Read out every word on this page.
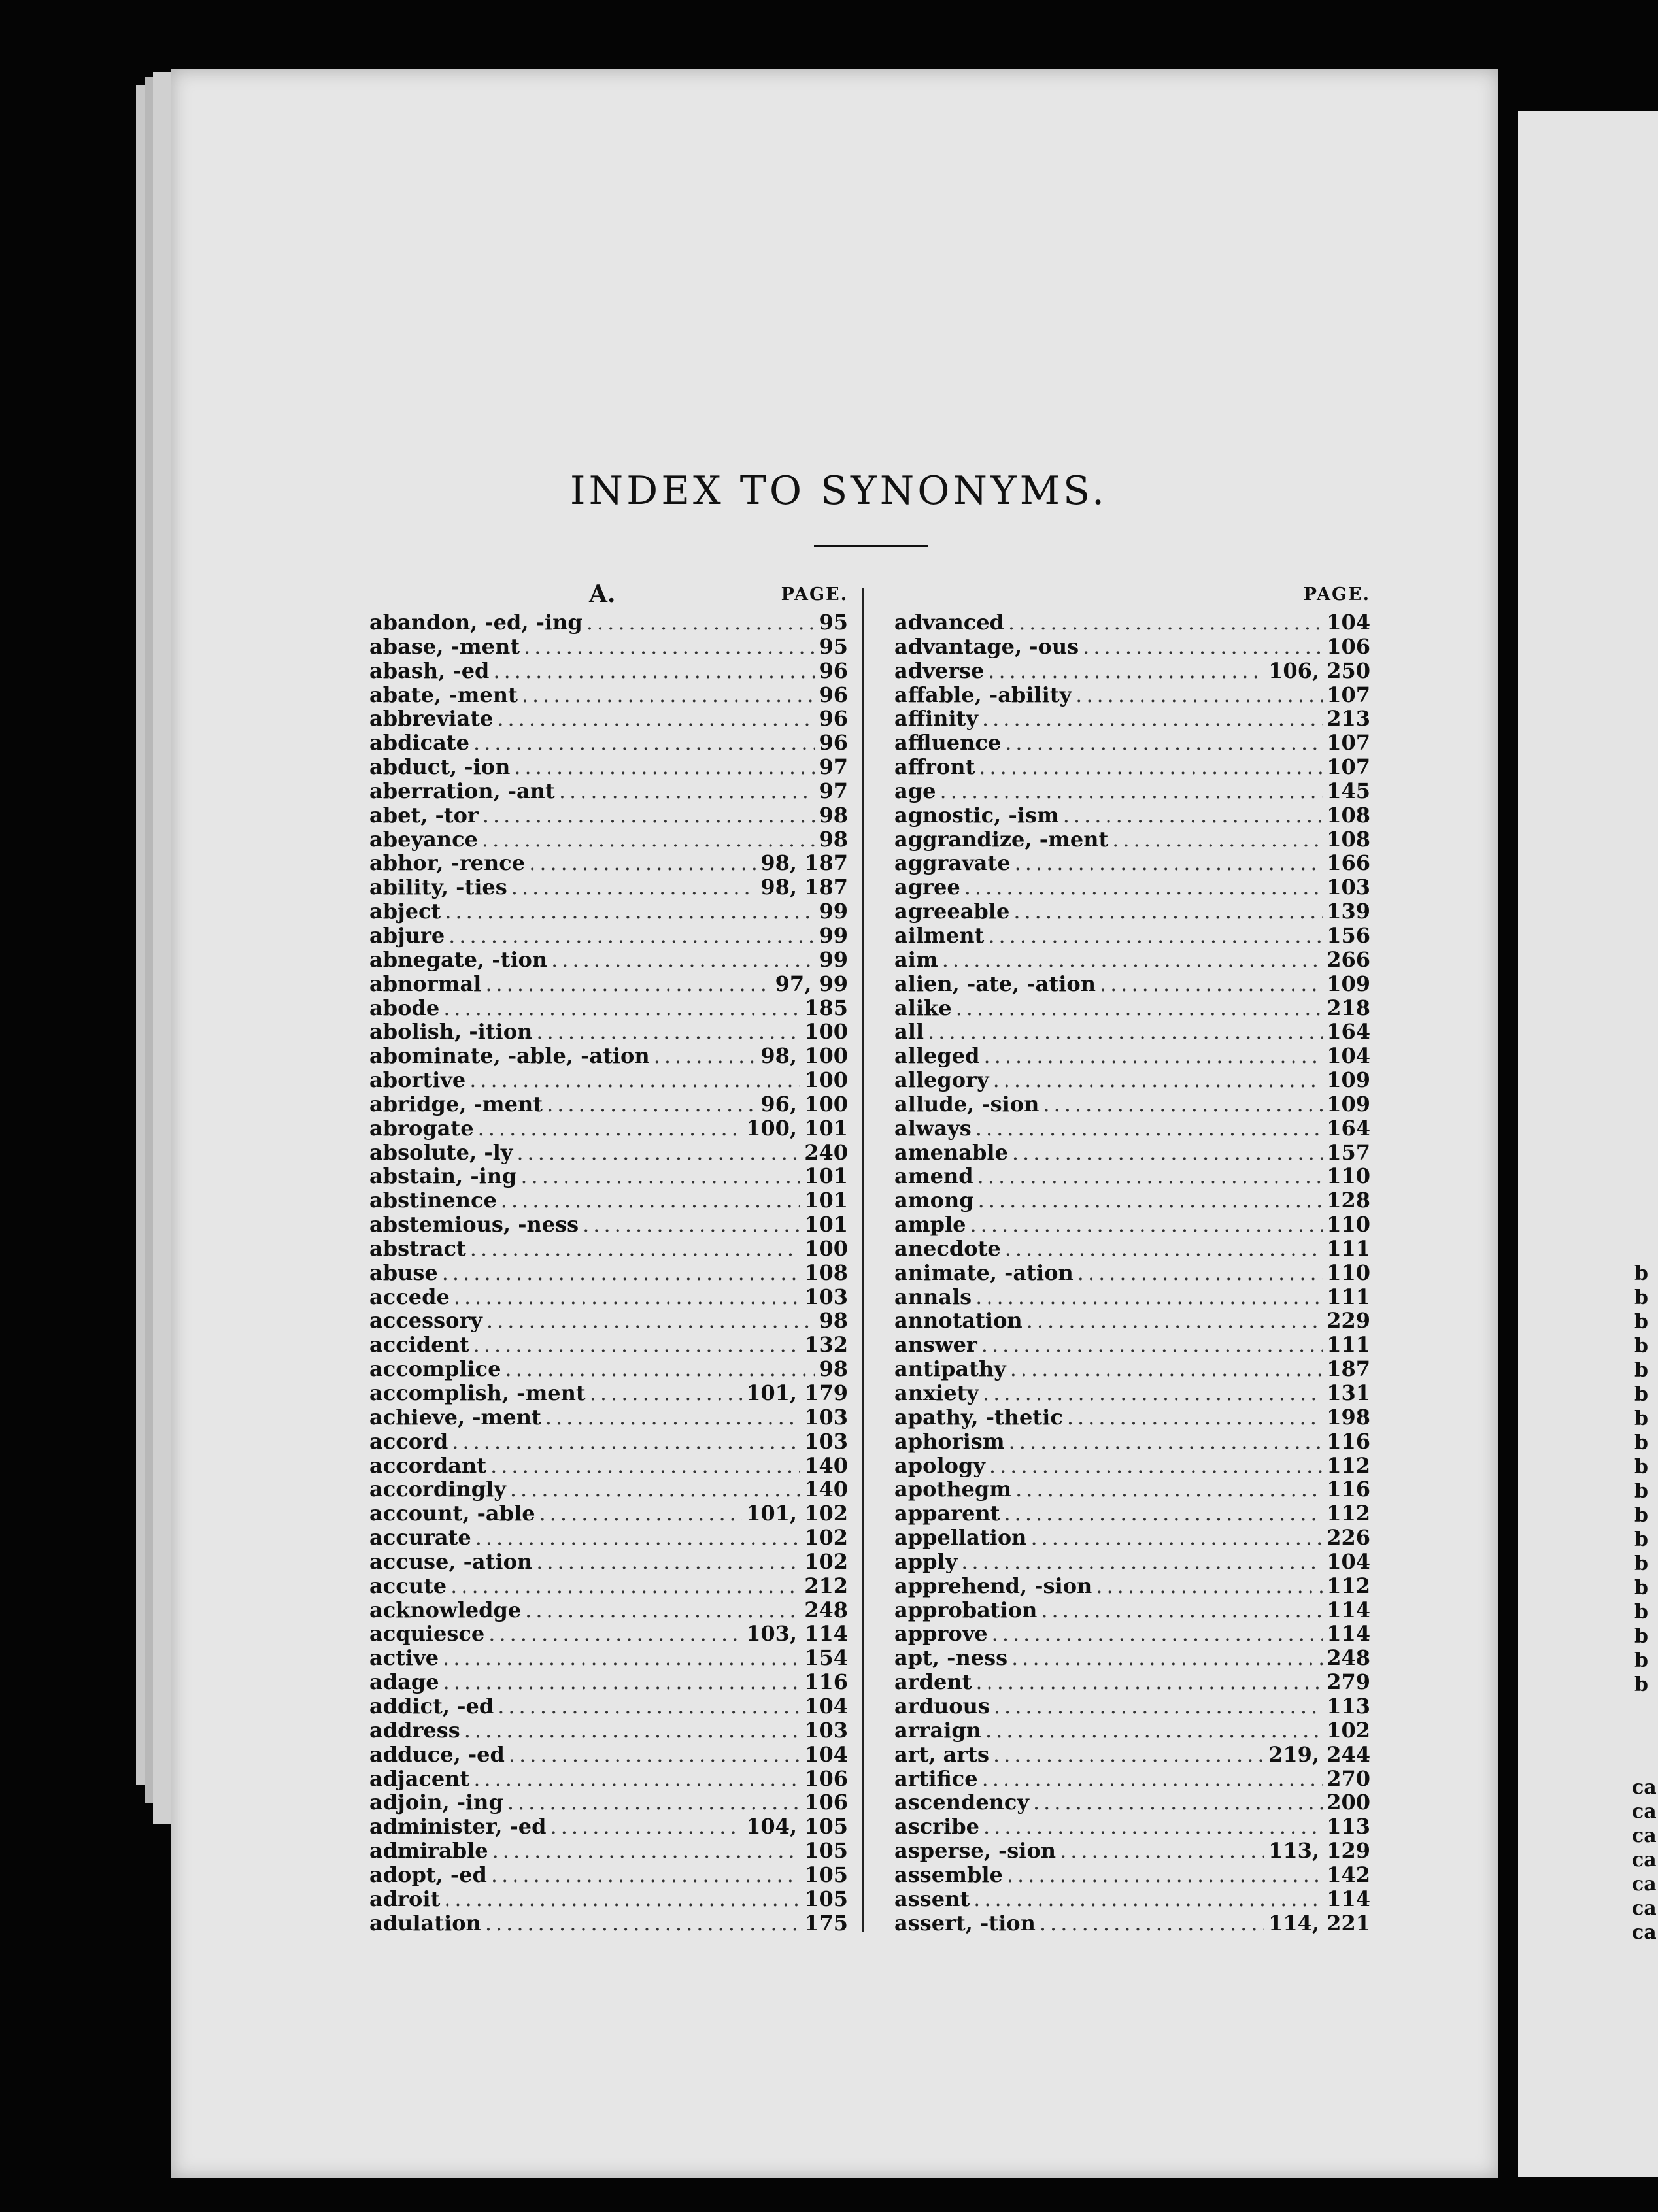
b
b
b
b
b
b
b
b
b
b
b
b
b
b
b
b
b
b
ca
ca
ca
ca
ca
ca
ca
INDEX TO SYNONYMS.
A.	PAGE.
abandon, -ed, -ing .....	95
abase, -ment .....	95
abash, -ed .....	96
abate, -ment .....	96
abbreviate .....	96
abdicate .....	96
abduct, -ion .....	97
aberration, -ant .....	97
abet, -tor .....	98
abeyance .....	98
abhor, -rence .....	98, 187
ability, -ties .....	98, 187
abject .....	99
abjure .....	99
abnegate, -tion .....	99
abnormal .....	97, 99
abode .....	185
abolish, -ition .....	100
abominate, -able, -ation .....	98, 100
abortive .....	100
abridge, -ment .....	96, 100
abrogate .....	100, 101
absolute, -ly .....	240
abstain, -ing .....	101
abstinence .....	101
abstemious, -ness .....	101
abstract .....	100
abuse .....	108
accede .....	103
accessory .....	98
accident .....	132
accomplice .....	98
accomplish, -ment .....	101, 179
achieve, -ment .....	103
accord .....	103
accordant .....	140
accordingly .....	140
account, -able .....	101, 102
accurate .....	102
accuse, -ation .....	102
accute .....	212
acknowledge .....	248
acquiesce .....	103, 114
active .....	154
adage .....	116
addict, -ed .....	104
address .....	103
adduce, -ed .....	104
adjacent .....	106
adjoin, -ing .....	106
administer, -ed .....	104, 105
admirable .....	105
adopt, -ed .....	105
adroit .....	105
adulation .....	175
PAGE.
advanced .....	104
advantage, -ous .....	106
adverse .....	106, 250
affable, -ability .....	107
affinity .....	213
affluence .....	107
affront .....	107
age .....	145
agnostic, -ism .....	108
aggrandize, -ment .....	108
aggravate .....	166
agree .....	103
agreeable .....	139
ailment .....	156
aim .....	266
alien, -ate, -ation .....	109
alike .....	218
all .....	164
alleged .....	104
allegory .....	109
allude, -sion .....	109
always .....	164
amenable .....	157
amend .....	110
among .....	128
ample .....	110
anecdote .....	111
animate, -ation .....	110
annals .....	111
annotation .....	229
answer .....	111
antipathy .....	187
anxiety .....	131
apathy, -thetic .....	198
aphorism .....	116
apology .....	112
apothegm .....	116
apparent .....	112
appellation .....	226
apply .....	104
apprehend, -sion .....	112
approbation .....	114
approve .....	114
apt, -ness .....	248
ardent .....	279
arduous .....	113
arraign .....	102
art, arts .....	219, 244
artifice .....	270
ascendency .....	200
ascribe .....	113
asperse, -sion .....	113, 129
assemble .....	142
assent .....	114
assert, -tion .....	114, 221
